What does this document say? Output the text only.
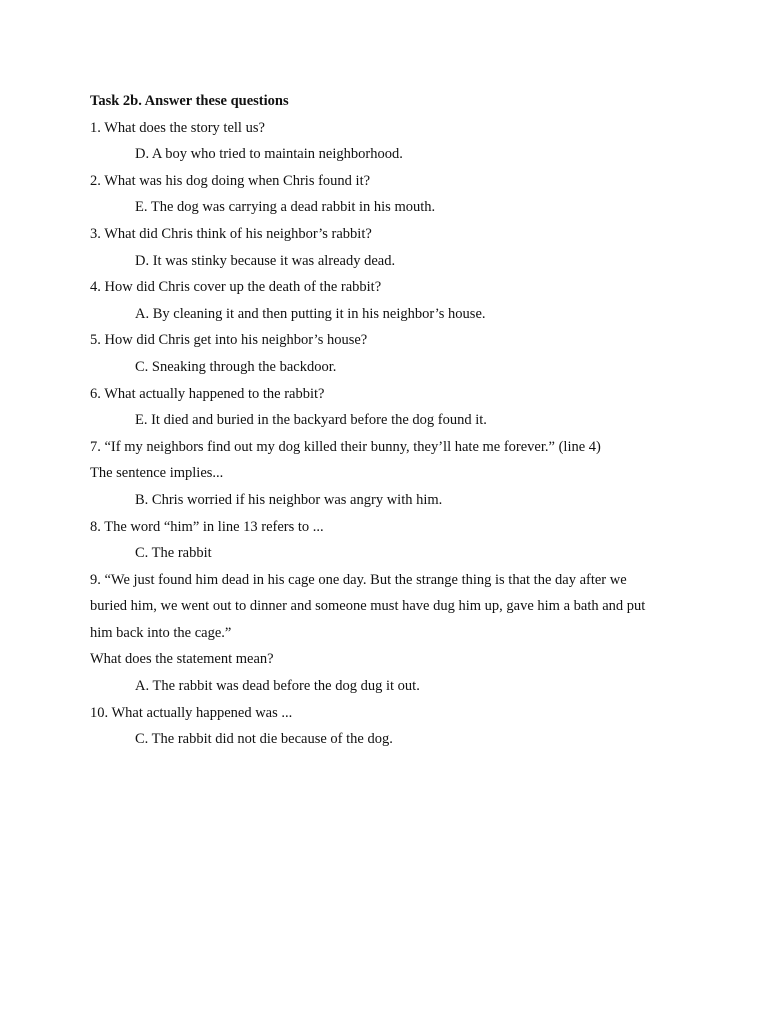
Task 2b. Answer these questions

1. What does the story tell us?

D. A boy who tried to maintain neighborhood.

2. What was his dog doing when Chris found it?

E. The dog was carrying a dead rabbit in his mouth.

3. What did Chris think of his neighbor’s rabbit?

D. It was stinky because it was already dead.

4. How did Chris cover up the death of the rabbit?

A. By cleaning it and then putting it in his neighbor’s house.

5. How did Chris get into his neighbor’s house?

C. Sneaking through the backdoor.

6. What actually happened to the rabbit?

E. It died and buried in the backyard before the dog found it.

7. “If my neighbors find out my dog killed their bunny, they’ll hate me forever.” (line 4)

The sentence implies...

B. Chris worried if his neighbor was angry with him.

8. The word “him” in line 13 refers to ...

C. The rabbit

9. “We just found him dead in his cage one day. But the strange thing is that the day after we

buried him, we went out to dinner and someone must have dug him up, gave him a bath and put

him back into the cage.”

What does the statement mean?

A. The rabbit was dead before the dog dug it out.

10. What actually happened was ...

C. The rabbit did not die because of the dog.
